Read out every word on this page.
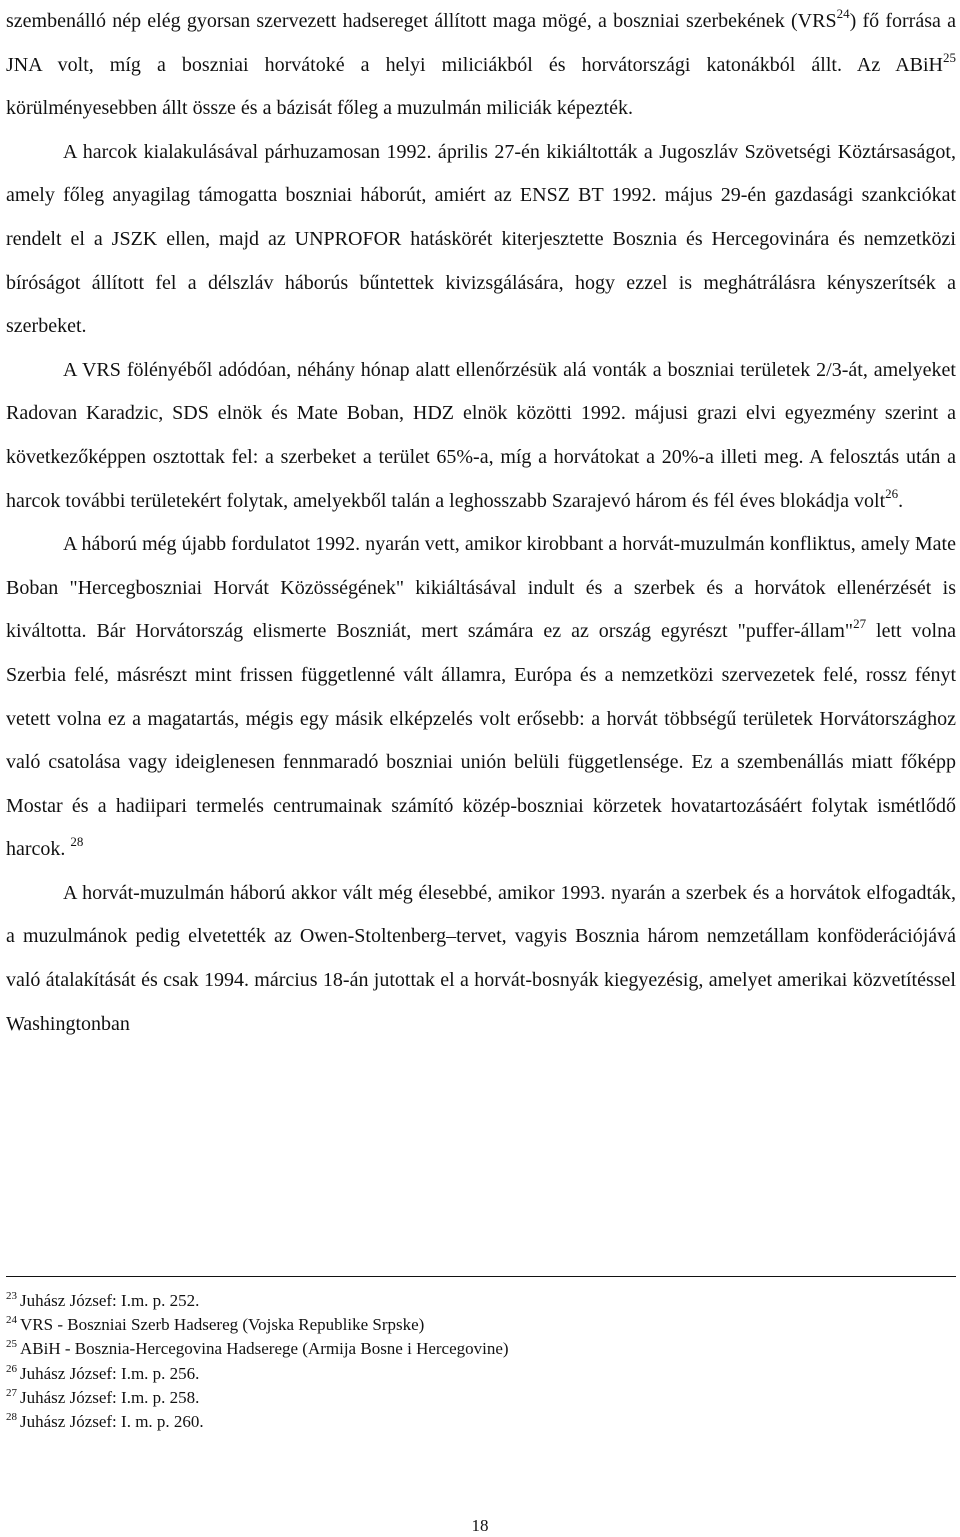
szembenálló nép elég gyorsan szervezett hadsereget állított maga mögé, a boszniai szerbekének (VRS$^{24}$) fő forrása a JNA volt, míg a boszniai horvátoké a helyi miliciákból és horvátországi katonákból állt. Az ABiH$^{25}$ körülményesebben állt össze és a bázisát főleg a muzulmán miliciák képezték.

A harcok kialakulásával párhuzamosan 1992. április 27-én kikiáltották a Jugoszláv Szövetségi Köztársaságot, amely főleg anyagilag támogatta boszniai háborút, amiért az ENSZ BT 1992. május 29-én gazdasági szankciókat rendelt el a JSZK ellen, majd az UNPROFOR hatáskörét kiterjesztette Bosznia és Hercegovinára és nemzetközi bíróságot állított fel a délszláv háborús bűntettek kivizsgálására, hogy ezzel is meghátrálásra kényszerítsék a szerbeket.

A VRS fölényéből adódóan, néhány hónap alatt ellenőrzésük alá vonták a boszniai területek 2/3-át, amelyeket Radovan Karadzic, SDS elnök és Mate Boban, HDZ elnök közötti 1992. májusi grazi elvi egyezmény szerint a következőképpen osztottak fel: a szerbeket a terület 65%-a, míg a horvátokat a 20%-a illeti meg. A felosztás után a harcok további területekért folytak, amelyekből talán a leghosszabb Szarajevó három és fél éves blokádja volt$^{26}$.

A háború még újabb fordulatot 1992. nyarán vett, amikor kirobbant a horvát-muzulmán konfliktus, amely Mate Boban "Hercegboszniai Horvát Közösségének" kikiáltásával indult és a szerbek és a horvátok ellenérzését is kiváltotta. Bár Horvátország elismerte Boszniát, mert számára ez az ország egyrészt "puffer-állam"$^{27}$ lett volna Szerbia felé, másrészt mint frissen függetlenné vált államra, Európa és a nemzetközi szervezetek felé, rossz fényt vetett volna ez a magatartás, mégis egy másik elképzelés volt erősebb: a horvát többségű területek Horvátországhoz való csatolása vagy ideiglenesen fennmaradó boszniai unión belüli függetlensége. Ez a szembenállás miatt főképp Mostar és a hadiipari termelés centrumainak számító közép-boszniai körzetek hovatartozásáért folytak ismétlődő harcok. $^{28}$

A horvát-muzulmán háború akkor vált még élesebbé, amikor 1993. nyarán a szerbek és a horvátok elfogadták, a muzulmánok pedig elvetették az Owen-Stoltenberg–tervet, vagyis Bosznia három nemzetállam konföderációjává való átalakítását és csak 1994. március 18-án jutottak el a horvát-bosnyák kiegyezésig, amelyet amerikai közvetítéssel Washingtonban

$^{23}$ Juhász József: I.m. p. 252.
$^{24}$ VRS - Boszniai Szerb Hadsereg (Vojska Republike Srpske)
$^{25}$ ABiH - Bosznia-Hercegovina Hadserege (Armija Bosne i Hercegovine)
$^{26}$ Juhász József: I.m. p. 256.
$^{27}$ Juhász József: I.m. p. 258.
$^{28}$ Juhász József: I. m. p. 260.
18
